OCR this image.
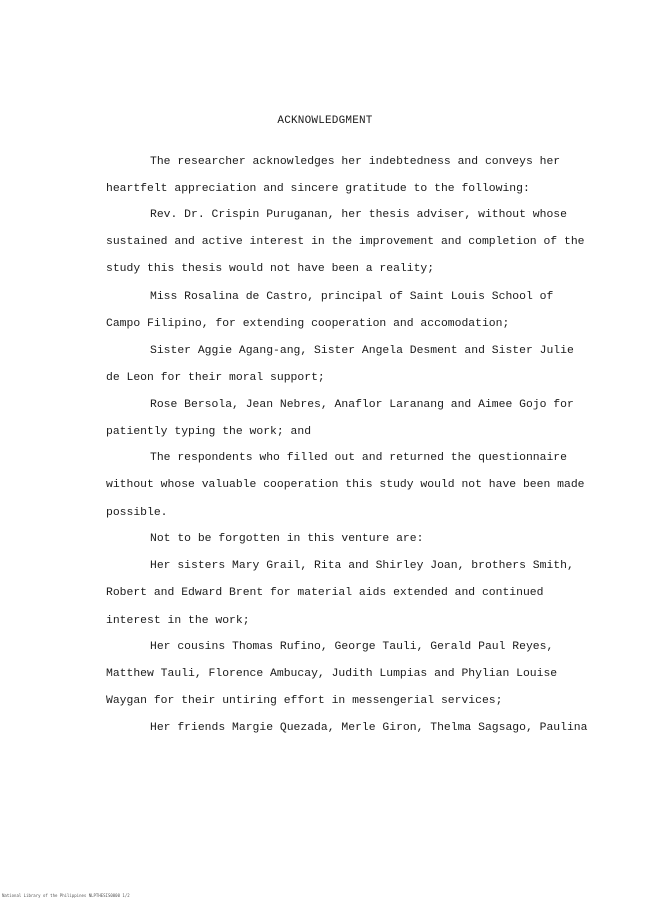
ACKNOWLEDGMENT
The researcher acknowledges her indebtedness and conveys her
heartfelt appreciation and sincere gratitude to the following:
Rev. Dr. Crispin Puruganan, her thesis adviser, without whose
sustained and active interest in the improvement and completion of the
study this thesis would not have been a reality;
Miss Rosalina de Castro, principal of Saint Louis School of
Campo Filipino, for extending cooperation and accomodation;
Sister Aggie Agang-ang, Sister Angela Desment and Sister Julie
de Leon for their moral support;
Rose Bersola, Jean Nebres, Anaflor Laranang and Aimee Gojo for
patiently typing the work; and
The respondents who filled out and returned the questionnaire
without whose valuable cooperation this study would not have been made
possible.
Not to be forgotten in this venture are:
Her sisters Mary Grail, Rita and Shirley Joan, brothers Smith,
Robert and Edward Brent for material aids extended and continued
interest in the work;
Her cousins Thomas Rufino, George Tauli, Gerald Paul Reyes,
Matthew Tauli, Florence Ambucay, Judith Lumpias and Phylian Louise
Waygan for their untiring effort in messengerial services;
Her friends Margie Quezada, Merle Giron, Thelma Sagsago, Paulina
National Library of the Philippines NLPTHESIS0000 1/2
